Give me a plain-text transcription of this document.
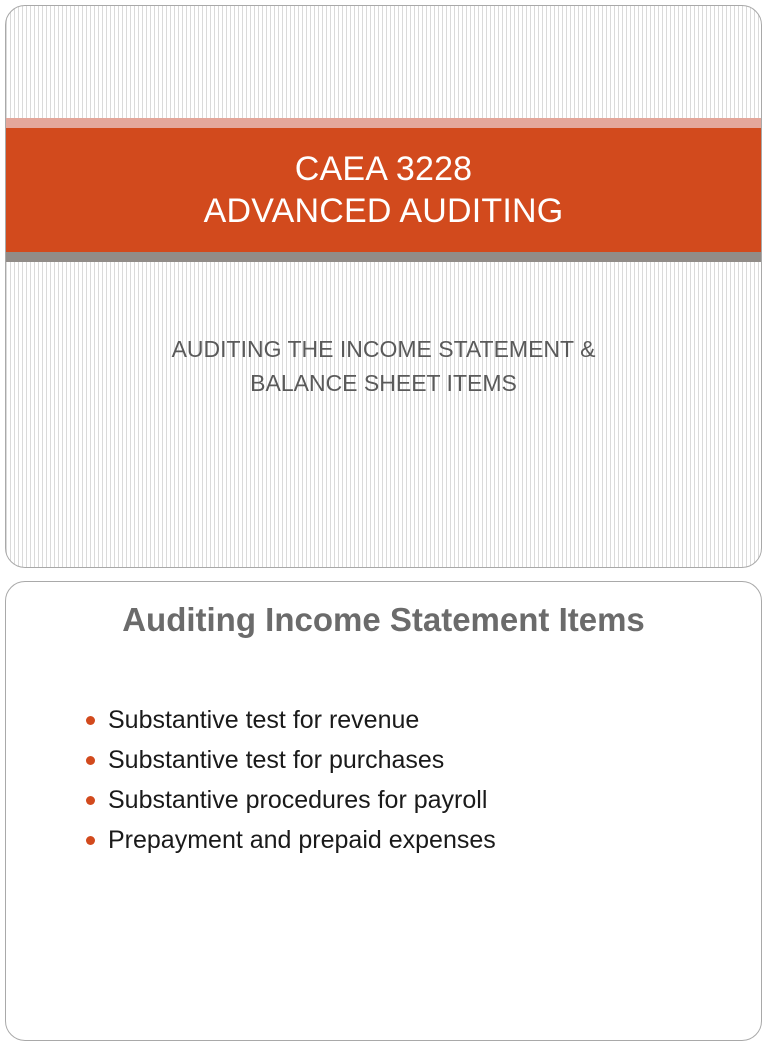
CAEA 3228
ADVANCED AUDITING
AUDITING THE INCOME STATEMENT &
BALANCE SHEET ITEMS
Auditing Income Statement Items
Substantive test for revenue
Substantive test for purchases
Substantive procedures for payroll
Prepayment and prepaid expenses
